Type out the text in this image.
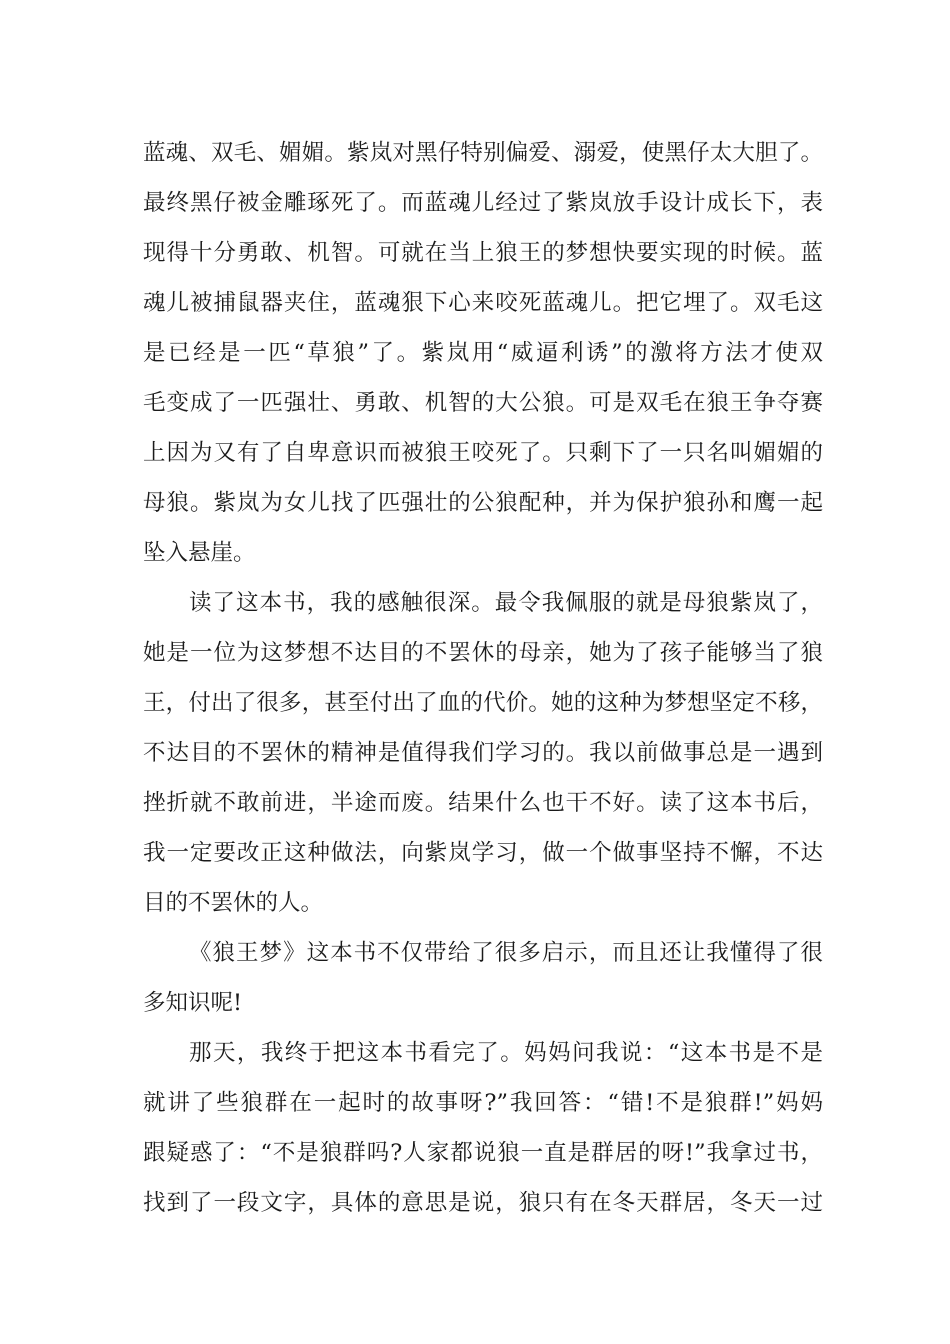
蓝魂、双毛、媚媚。紫岚对黑仔特别偏爱、溺爱，使黑仔太大胆了。
最终黑仔被金雕琢死了。而蓝魂儿经过了紫岚放手设计成长下，表
现得十分勇敢、机智。可就在当上狼王的梦想快要实现的时候。蓝
魂儿被捕鼠器夹住，蓝魂狠下心来咬死蓝魂儿。把它埋了。双毛这
是已经是一匹“草狼”了。紫岚用“威逼利诱”的激将方法才使双
毛变成了一匹强壮、勇敢、机智的大公狼。可是双毛在狼王争夺赛
上因为又有了自卑意识而被狼王咬死了。只剩下了一只名叫媚媚的
母狼。紫岚为女儿找了匹强壮的公狼配种，并为保护狼孙和鹰一起
坠入悬崖。
读了这本书，我的感触很深。最令我佩服的就是母狼紫岚了，
她是一位为这梦想不达目的不罢休的母亲，她为了孩子能够当了狼
王，付出了很多，甚至付出了血的代价。她的这种为梦想坚定不移，
不达目的不罢休的精神是值得我们学习的。我以前做事总是一遇到
挫折就不敢前进，半途而废。结果什么也干不好。读了这本书后，
我一定要改正这种做法，向紫岚学习，做一个做事坚持不懈，不达
目的不罢休的人。
《狼王梦》这本书不仅带给了很多启示，而且还让我懂得了很
多知识呢!
那天，我终于把这本书看完了。妈妈问我说：“这本书是不是
就讲了些狼群在一起时的故事呀?”我回答：“错!不是狼群!”妈妈
跟疑惑了：“不是狼群吗?人家都说狼一直是群居的呀!”我拿过书，
找到了一段文字，具体的意思是说，狼只有在冬天群居，冬天一过
